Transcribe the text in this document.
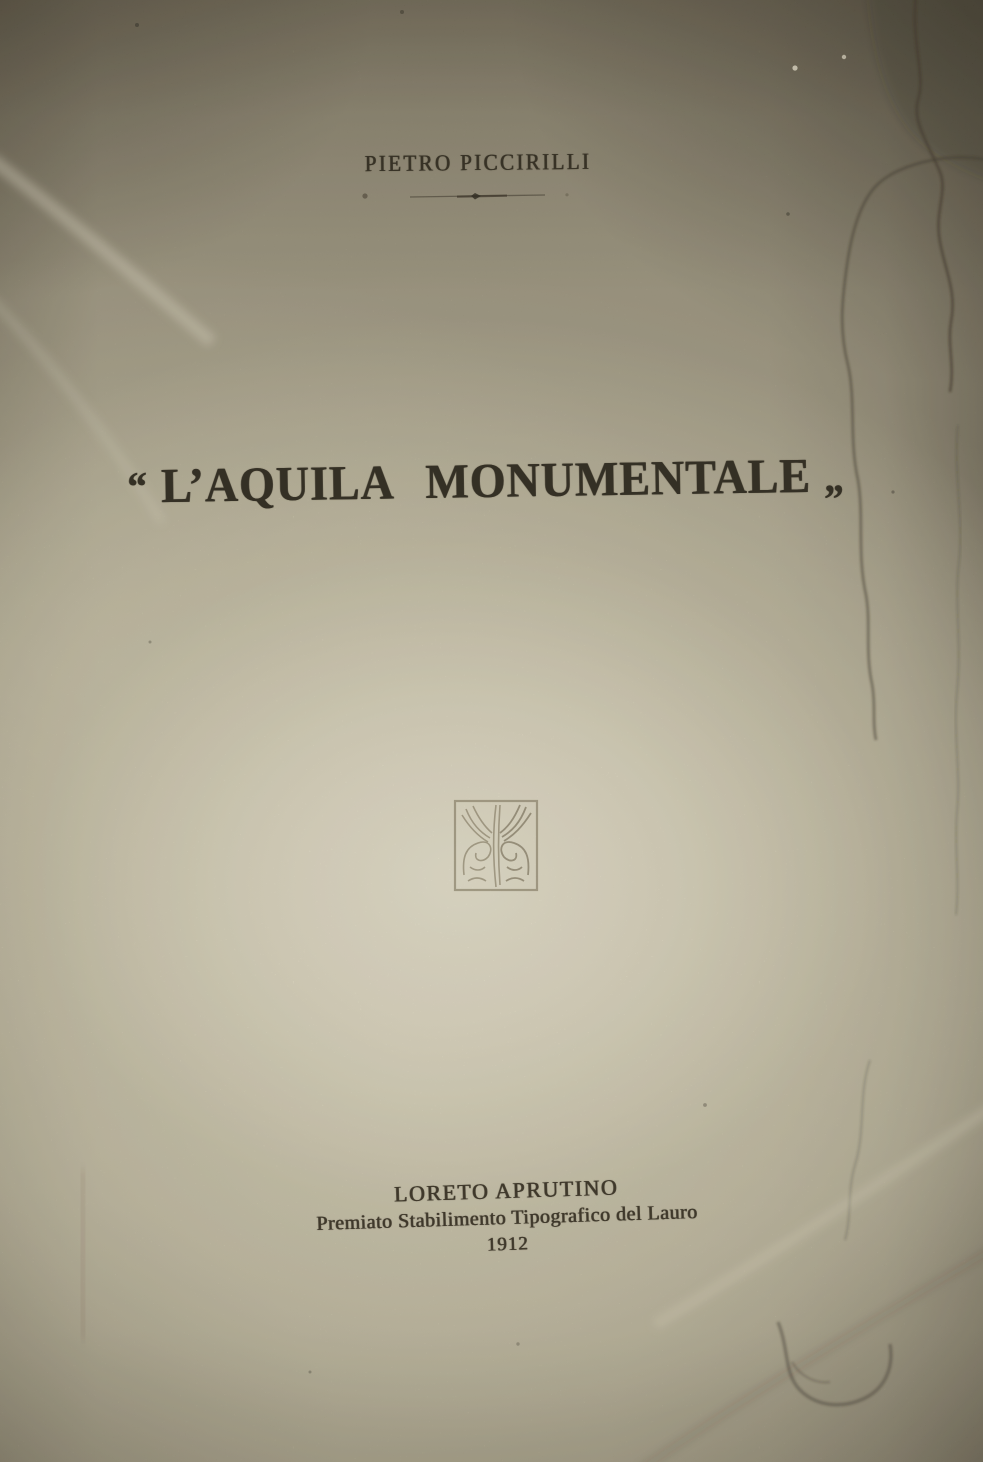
PIETRO PICCIRILLI
“ L’AQUILA MONUMENTALE „
LORETO APRUTINO
Premiato Stabilimento Tipografico del Lauro
1912
